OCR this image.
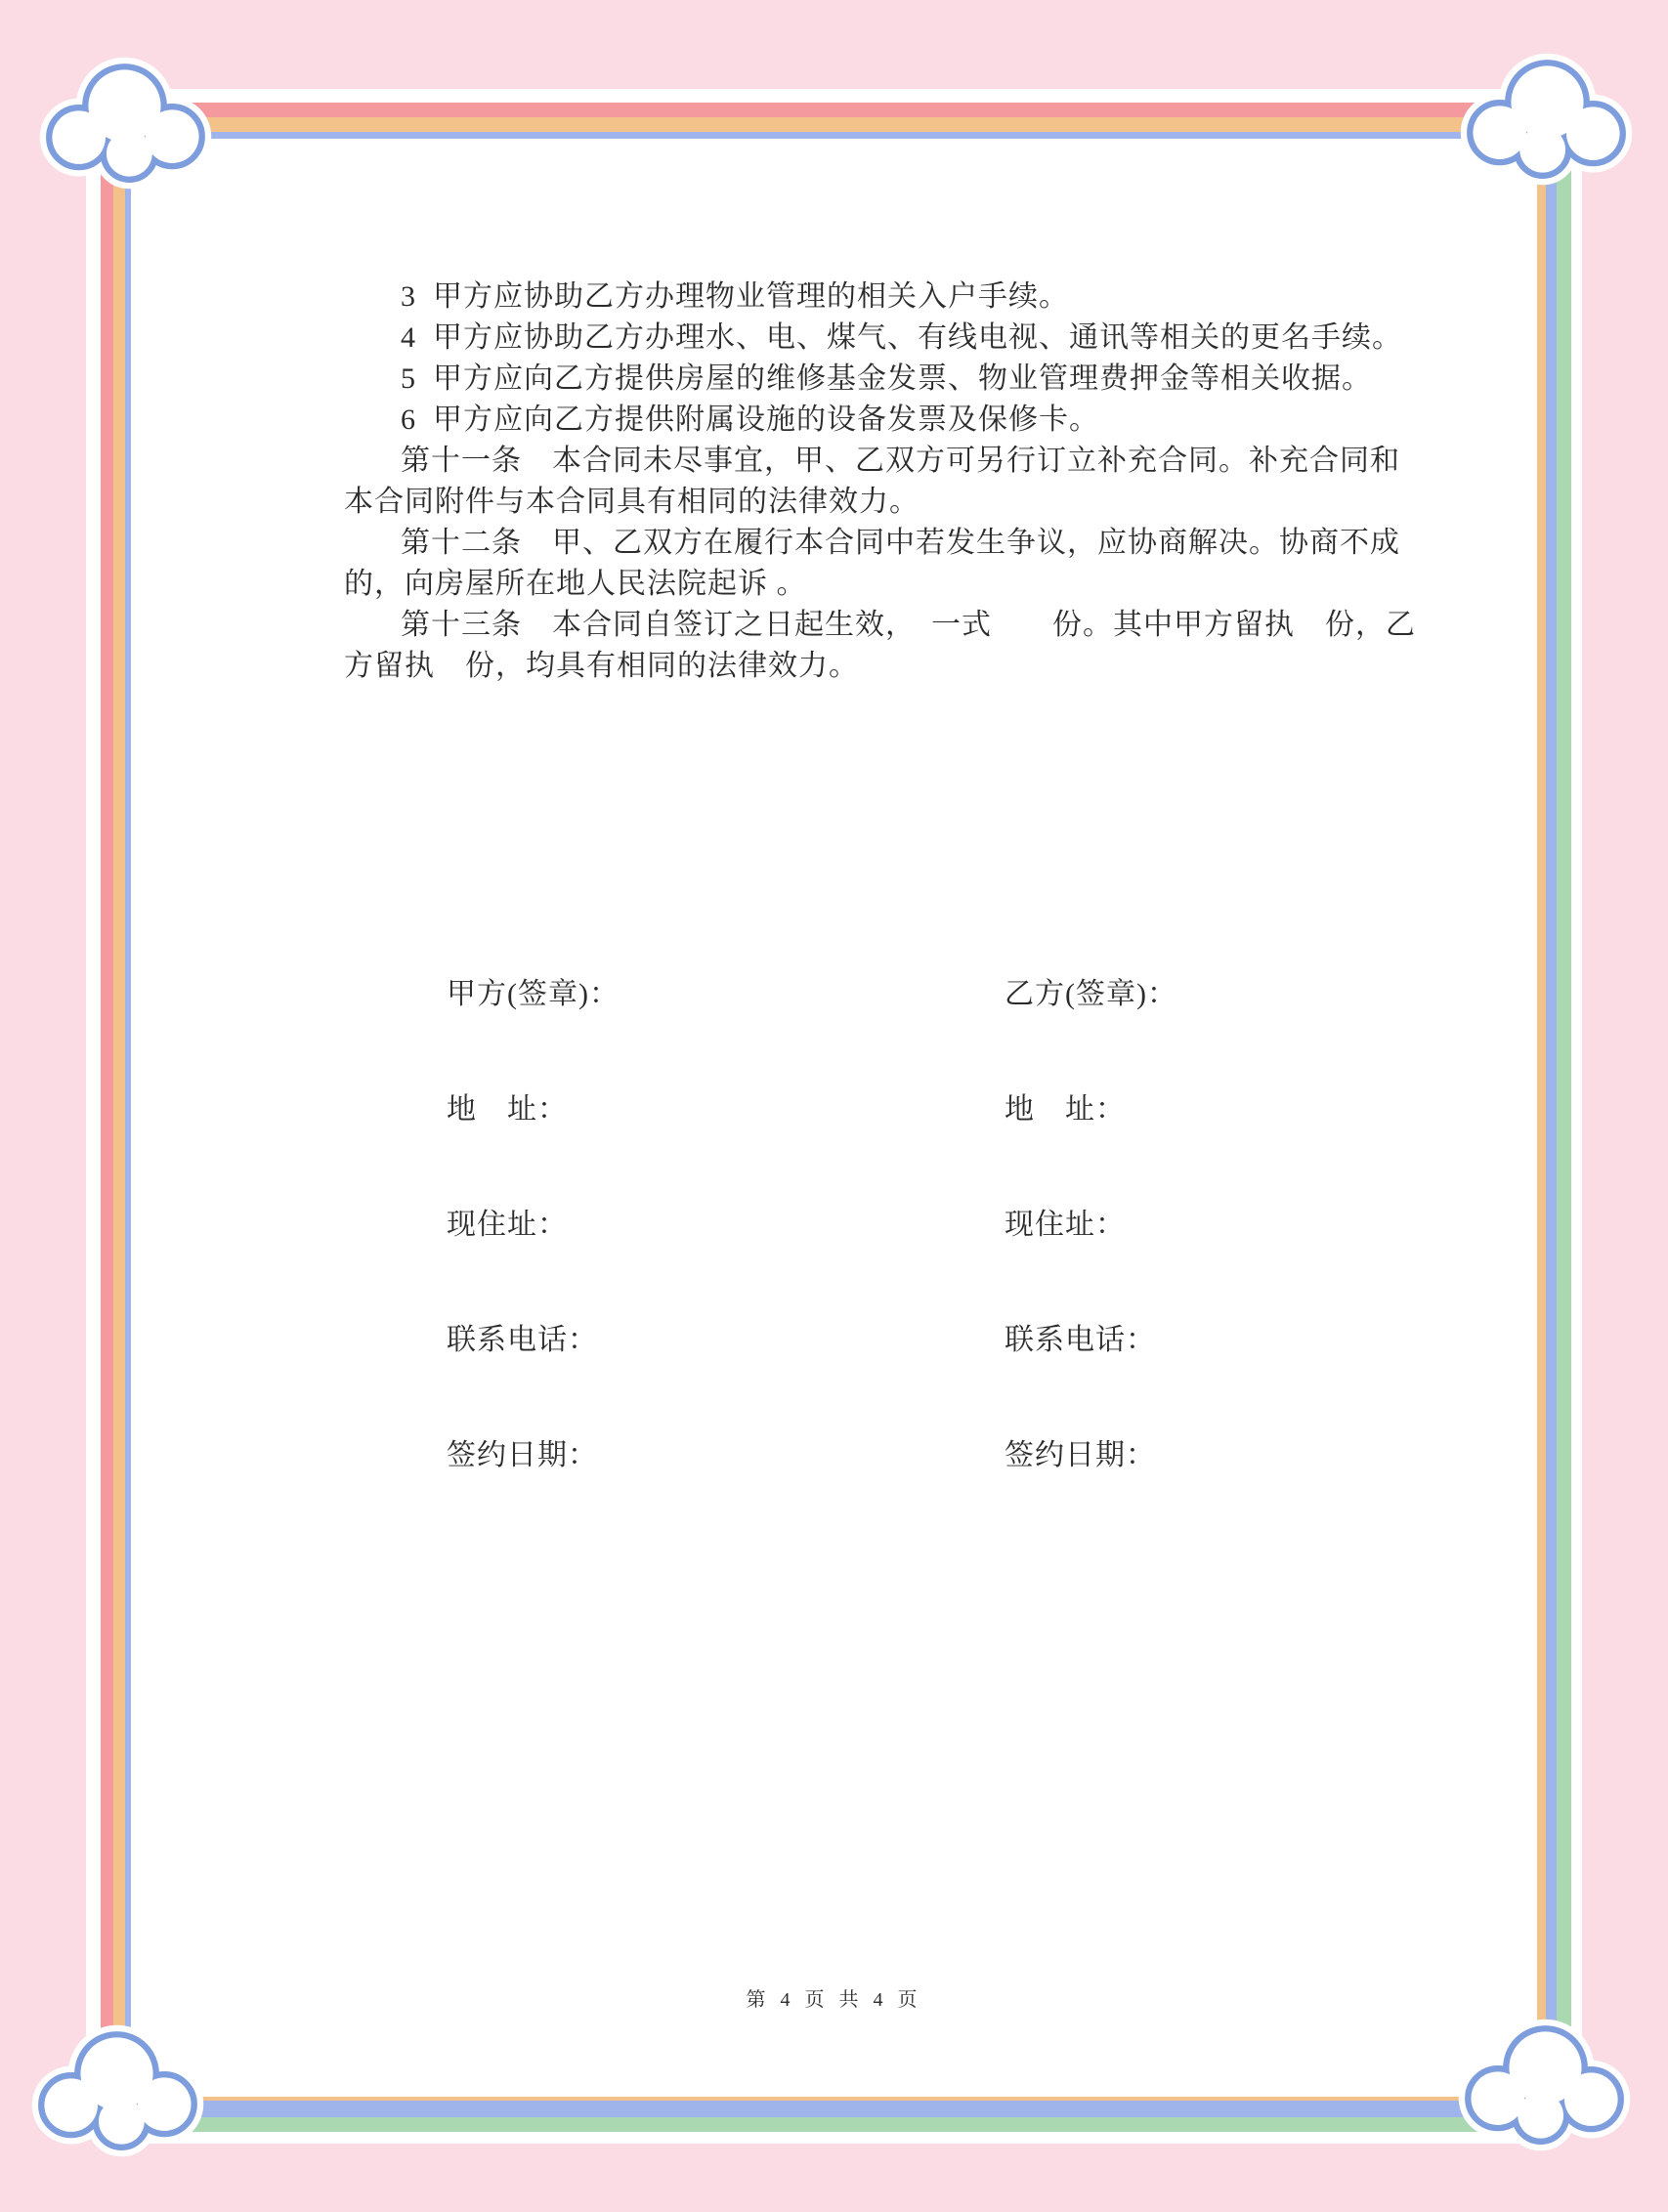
3  甲方应协助乙方办理物业管理的相关入户手续。
4  甲方应协助乙方办理水、电、煤气、有线电视、通讯等相关的更名手续。
5  甲方应向乙方提供房屋的维修基金发票、物业管理费押金等相关收据。
6  甲方应向乙方提供附属设施的设备发票及保修卡。
第十一条　本合同未尽事宜，甲、乙双方可另行订立补充合同。补充合同和
本合同附件与本合同具有相同的法律效力。
第十二条　甲、乙双方在履行本合同中若发生争议，应协商解决。协商不成
的，向房屋所在地人民法院起诉 。
第十三条　本合同自签订之日起生效，　一式　　份。其中甲方留执　份，乙
方留执　份，均具有相同的法律效力。
甲方(签章)：	乙方(签章)：
地　址：	地　址：
现住址：	现住址：
联系电话：	联系电话：
签约日期：	签约日期：
第 4 页 共 4 页
